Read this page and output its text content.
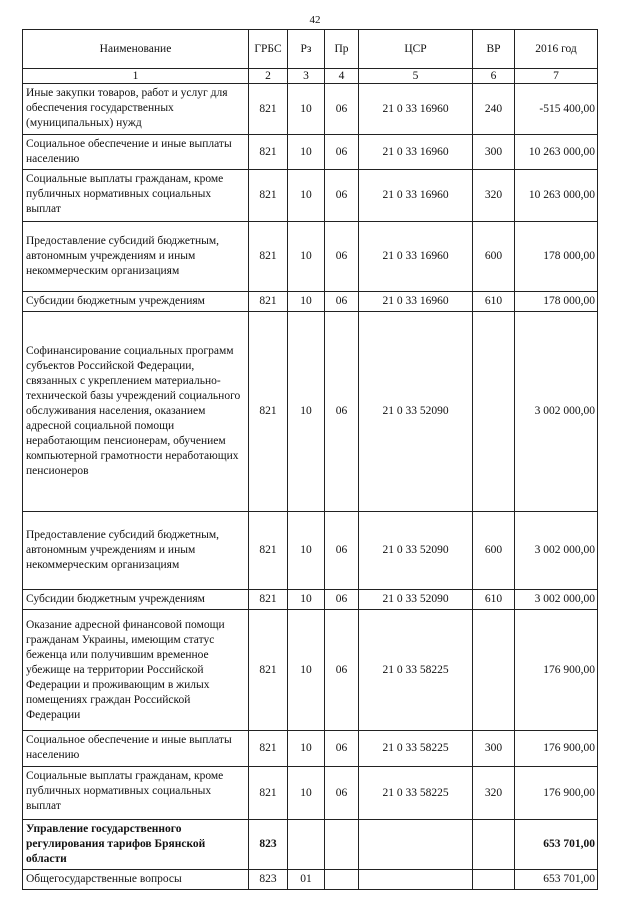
42
Наименование	ГРБС	Рз	Пр	ЦСР	ВР	2016 год
1	2	3	4	5	6	7
Иные закупки товаров, работ и услуг для обеспечения государственных (муниципальных) нужд	821	10	06	21 0 33 16960	240	-515 400,00
Социальное обеспечение и иные выплаты населению	821	10	06	21 0 33 16960	300	10 263 000,00
Социальные выплаты гражданам, кроме публичных нормативных социальных выплат	821	10	06	21 0 33 16960	320	10 263 000,00
Предоставление субсидий бюджетным, автономным учреждениям и иным некоммерческим организациям	821	10	06	21 0 33 16960	600	178 000,00
Субсидии бюджетным учреждениям	821	10	06	21 0 33 16960	610	178 000,00
Софинансирование социальных программ субъектов Российской Федерации, связанных с укреплением материально-технической базы учреждений социального обслуживания населения, оказанием адресной социальной помощи неработающим пенсионерам, обучением компьютерной грамотности неработающих пенсионеров	821	10	06	21 0 33 52090		3 002 000,00
Предоставление субсидий бюджетным, автономным учреждениям и иным некоммерческим организациям	821	10	06	21 0 33 52090	600	3 002 000,00
Субсидии бюджетным учреждениям	821	10	06	21 0 33 52090	610	3 002 000,00
Оказание адресной финансовой помощи гражданам Украины, имеющим статус беженца или получившим временное убежище на территории Российской Федерации и проживающим в жилых помещениях граждан Российской Федерации	821	10	06	21 0 33 58225		176 900,00
Социальное обеспечение и иные выплаты населению	821	10	06	21 0 33 58225	300	176 900,00
Социальные выплаты гражданам, кроме публичных нормативных социальных выплат	821	10	06	21 0 33 58225	320	176 900,00
Управление государственного регулирования тарифов Брянской области	823					653 701,00
Общегосударственные вопросы	823	01				653 701,00
